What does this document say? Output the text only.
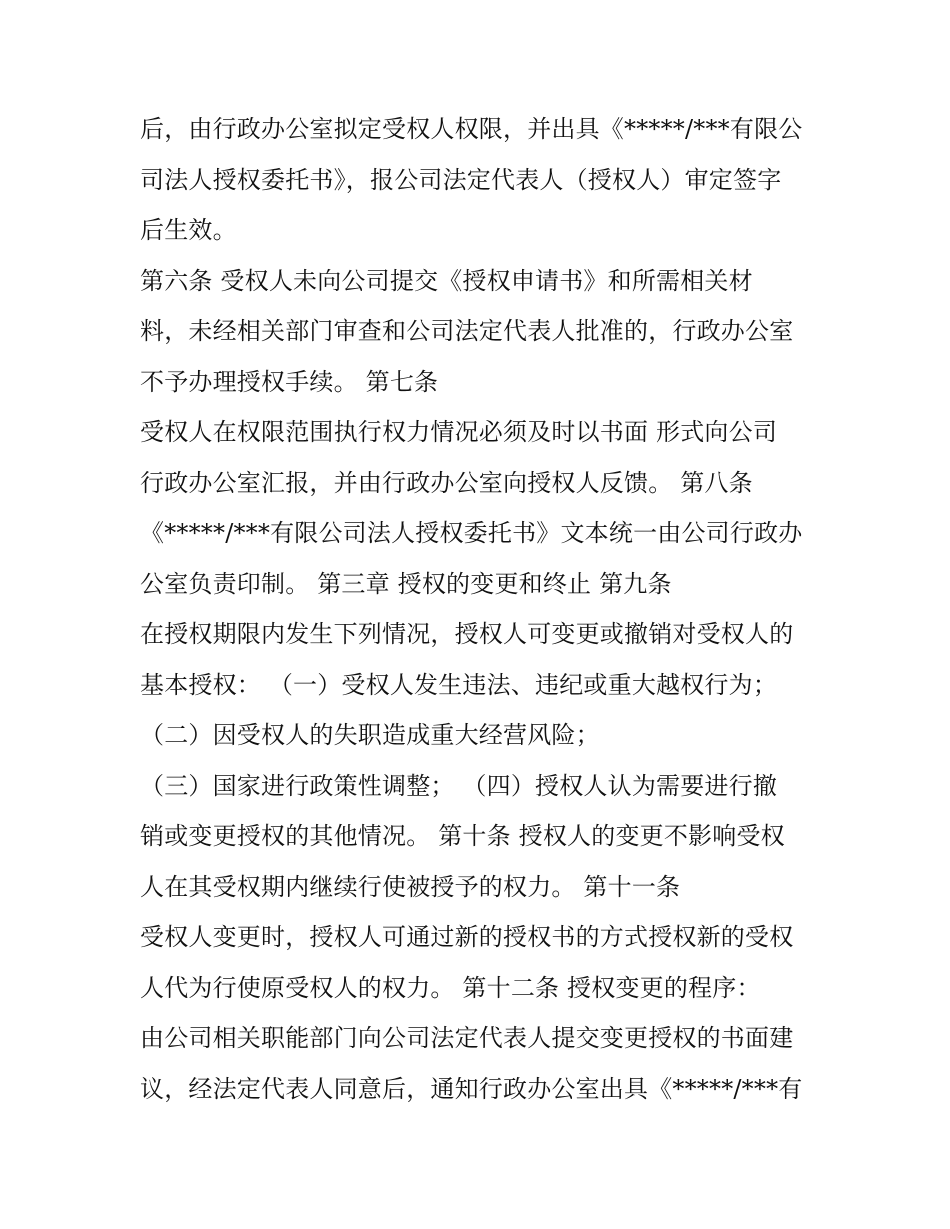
后，由行政办公室拟定受权人权限，并出具《*****/***有限公
司法人授权委托书》，报公司法定代表人（授权人）审定签字
后生效。
第六条 受权人未向公司提交《授权申请书》和所需相关材
料，未经相关部门审查和公司法定代表人批准的，行政办公室
不予办理授权手续。 第七条
受权人在权限范围执行权力情况必须及时以书面 形式向公司
行政办公室汇报，并由行政办公室向授权人反馈。 第八条
《*****/***有限公司法人授权委托书》文本统一由公司行政办
公室负责印制。 第三章 授权的变更和终止 第九条
在授权期限内发生下列情况，授权人可变更或撤销对受权人的
基本授权： （一）受权人发生违法、违纪或重大越权行为；
（二）因受权人的失职造成重大经营风险；
（三）国家进行政策性调整； （四）授权人认为需要进行撤
销或变更授权的其他情况。 第十条 授权人的变更不影响受权
人在其受权期内继续行使被授予的权力。 第十一条
受权人变更时，授权人可通过新的授权书的方式授权新的受权
人代为行使原受权人的权力。 第十二条 授权变更的程序：
由公司相关职能部门向公司法定代表人提交变更授权的书面建
议，经法定代表人同意后，通知行政办公室出具《*****/***有
